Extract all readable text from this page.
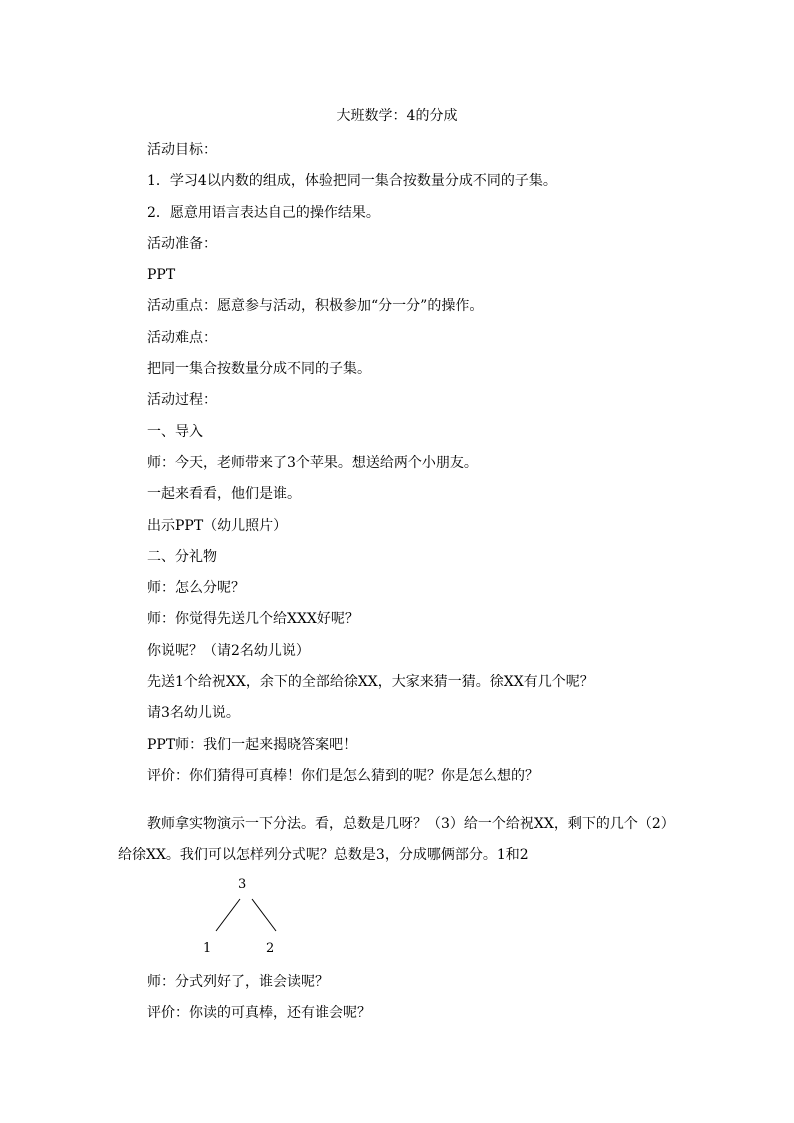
大班数学：4的分成
活动目标：
1．学习4以内数的组成，体验把同一集合按数量分成不同的子集。
2．愿意用语言表达自己的操作结果。
活动准备：
PPT
活动重点：愿意参与活动，积极参加“分一分”的操作。
活动难点：
把同一集合按数量分成不同的子集。
活动过程：
一、导入
师：今天，老师带来了3个苹果。想送给两个小朋友。
一起来看看，他们是谁。
出示PPT（幼儿照片）
二、分礼物
师：怎么分呢？
师：你觉得先送几个给XXX好呢？
你说呢？（请2名幼儿说）
先送1个给祝XX，余下的全部给徐XX，大家来猜一猜。徐XX有几个呢？
请3名幼儿说。
PPT师：我们一起来揭晓答案吧！
评价：你们猜得可真棒！你们是怎么猜到的呢？你是怎么想的？
教师拿实物演示一下分法。看，总数是几呀？（3）给一个给祝XX，剩下的几个（2）
给徐XX。我们可以怎样列分式呢？总数是3，分成哪俩部分。1和2
3
1	2
师：分式列好了，谁会读呢？
评价：你读的可真棒，还有谁会呢？
